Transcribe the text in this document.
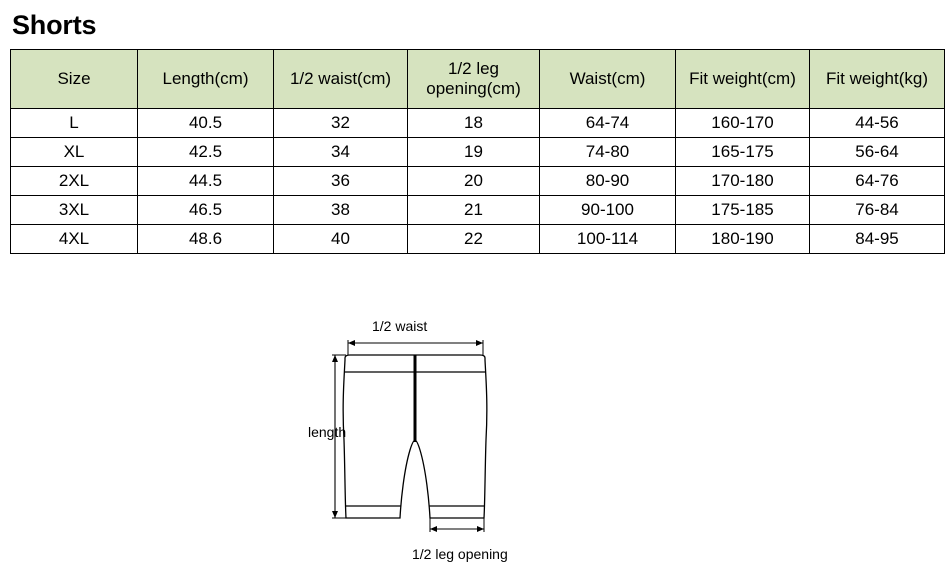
Shorts
Size	Length(cm)	1/2 waist(cm)	1/2 leg opening(cm)	Waist(cm)	Fit weight(cm)	Fit weight(kg)
L	40.5	32	18	64-74	160-170	44-56
XL	42.5	34	19	74-80	165-175	56-64
2XL	44.5	36	20	80-90	170-180	64-76
3XL	46.5	38	21	90-100	175-185	76-84
4XL	48.6	40	22	100-114	180-190	84-95
1/2 waist
length
1/2 leg opening
